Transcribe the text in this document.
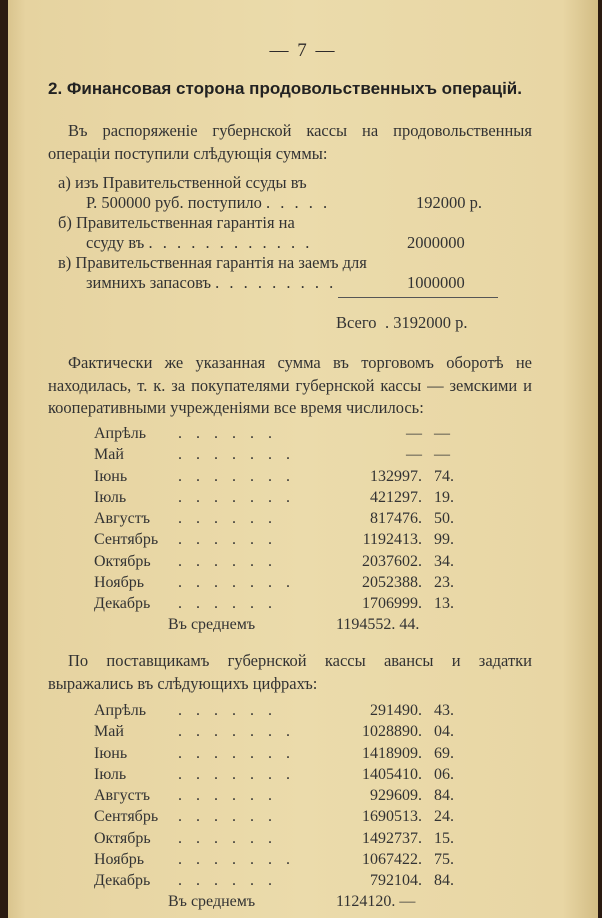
— 7 —
2. Финансовая сторона продовольственныхъ операцій.

Въ распоряженіе губернской кассы на продовольственныя операціи поступили слѣдующія суммы:

а) изъ Правительственной ссуды въ
Р. 500000 руб. поступило . . . . .	192000 р.
б) Правительственная гарантія на
ссуду въ . . . . . . . . . . . .	2000000
в) Правительственная гарантія на заемъ для
зимнихъ запасовъ . . . . . . . . .	1000000
Всего . 3192000 р.

Фактически же указанная сумма въ торговомъ оборотѣ не находилась, т. к. за покупателями губернской кассы — земскими и кооперативными учрежденіями все время числилось:

Апрѣль . . . . . .	— —
Май	. . . . . . .	— —
Іюнь	. . . . . . .	132997. 74.
Іюль	. . . . . . .	421297. 19.
Августъ . . . . . .	817476. 50.
Сентябрь . . . . . .	1192413. 99.
Октябрь . . . . . .	2037602. 34.
Ноябрь . . . . . . .	2052388. 23.
Декабрь . . . . . .	1706999. 13.
Въ среднемъ	1194552. 44.

По поставщикамъ губернской кассы авансы и задатки выражались въ слѣдующихъ цифрахъ:

Апрѣль . . . . . .	291490. 43.
Май	. . . . . . .	1028890. 04.
Іюнь	. . . . . . .	1418909. 69.
Іюль	. . . . . . .	1405410. 06.
Августъ . . . . . .	929609. 84.
Сентябрь . . . . . .	1690513. 24.
Октябрь . . . . . .	1492737. 15.
Ноябрь . . . . . . .	1067422. 75.
Декабрь . . . . . .	792104. 84.
Въ среднемъ	1124120. —
